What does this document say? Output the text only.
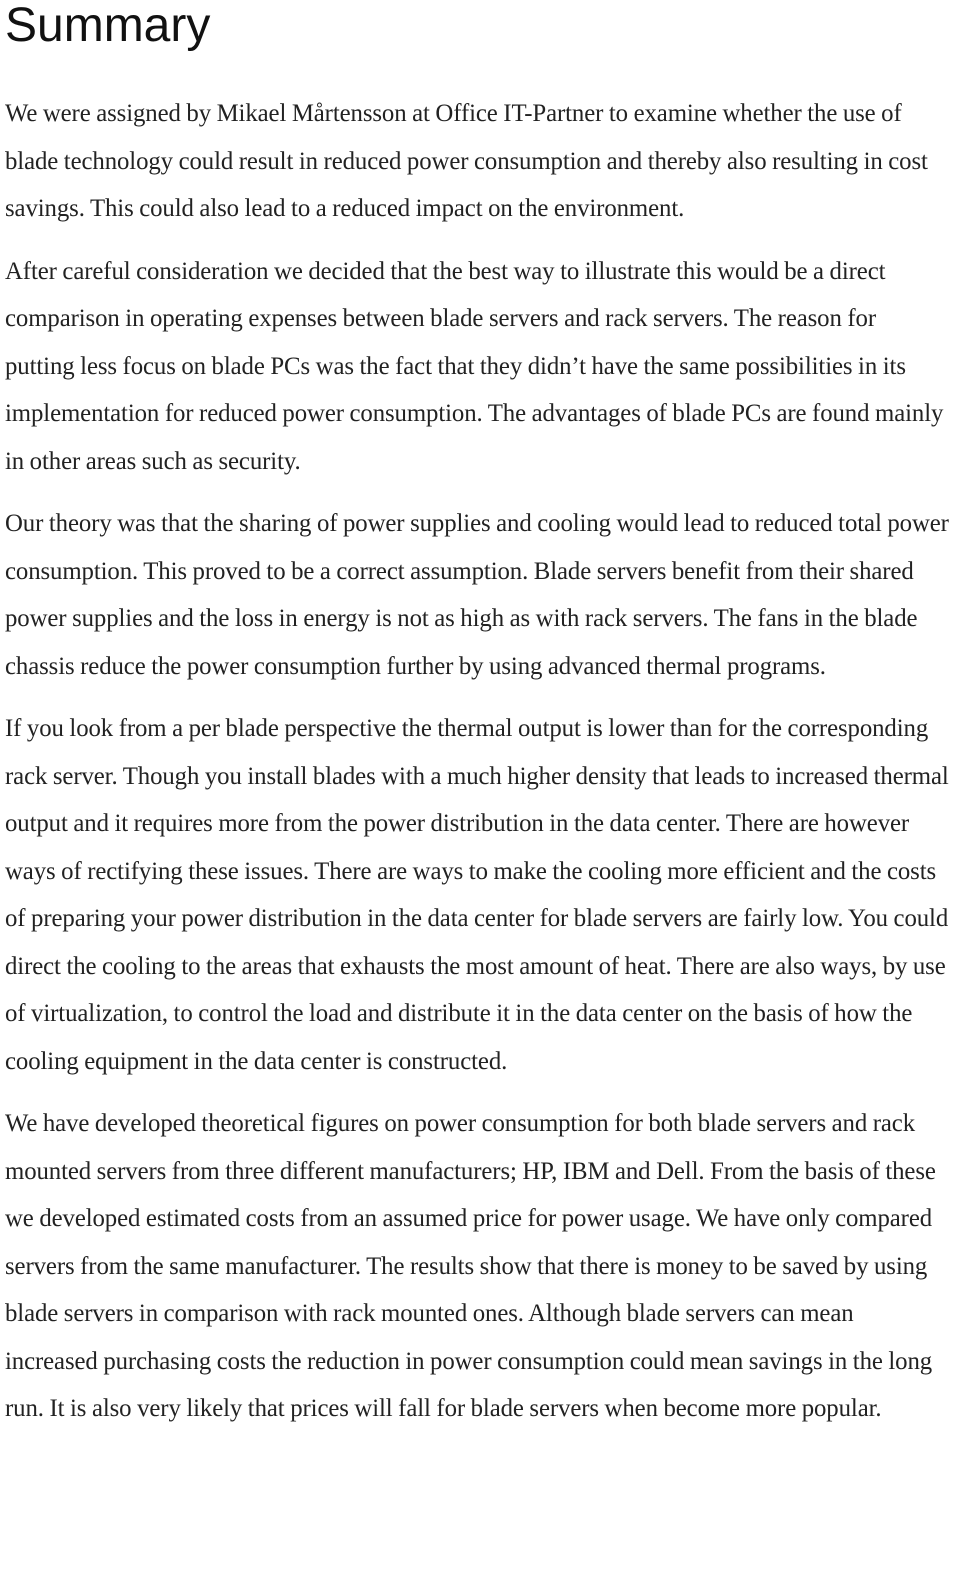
Summary

We were assigned by Mikael Mårtensson at Office IT-Partner to examine whether the use of blade technology could result in reduced power consumption and thereby also resulting in cost savings. This could also lead to a reduced impact on the environment.

After careful consideration we decided that the best way to illustrate this would be a direct comparison in operating expenses between blade servers and rack servers. The reason for putting less focus on blade PCs was the fact that they didn’t have the same possibilities in its implementation for reduced power consumption. The advantages of blade PCs are found mainly in other areas such as security.

Our theory was that the sharing of power supplies and cooling would lead to reduced total power consumption. This proved to be a correct assumption. Blade servers benefit from their shared power supplies and the loss in energy is not as high as with rack servers. The fans in the blade chassis reduce the power consumption further by using advanced thermal programs.

If you look from a per blade perspective the thermal output is lower than for the corresponding rack server. Though you install blades with a much higher density that leads to increased thermal output and it requires more from the power distribution in the data center. There are however ways of rectifying these issues. There are ways to make the cooling more efficient and the costs of preparing your power distribution in the data center for blade servers are fairly low. You could direct the cooling to the areas that exhausts the most amount of heat. There are also ways, by use of virtualization, to control the load and distribute it in the data center on the basis of how the cooling equipment in the data center is constructed.

We have developed theoretical figures on power consumption for both blade servers and rack mounted servers from three different manufacturers; HP, IBM and Dell. From the basis of these we developed estimated costs from an assumed price for power usage. We have only compared servers from the same manufacturer. The results show that there is money to be saved by using blade servers in comparison with rack mounted ones. Although blade servers can mean increased purchasing costs the reduction in power consumption could mean savings in the long run. It is also very likely that prices will fall for blade servers when become more popular.
